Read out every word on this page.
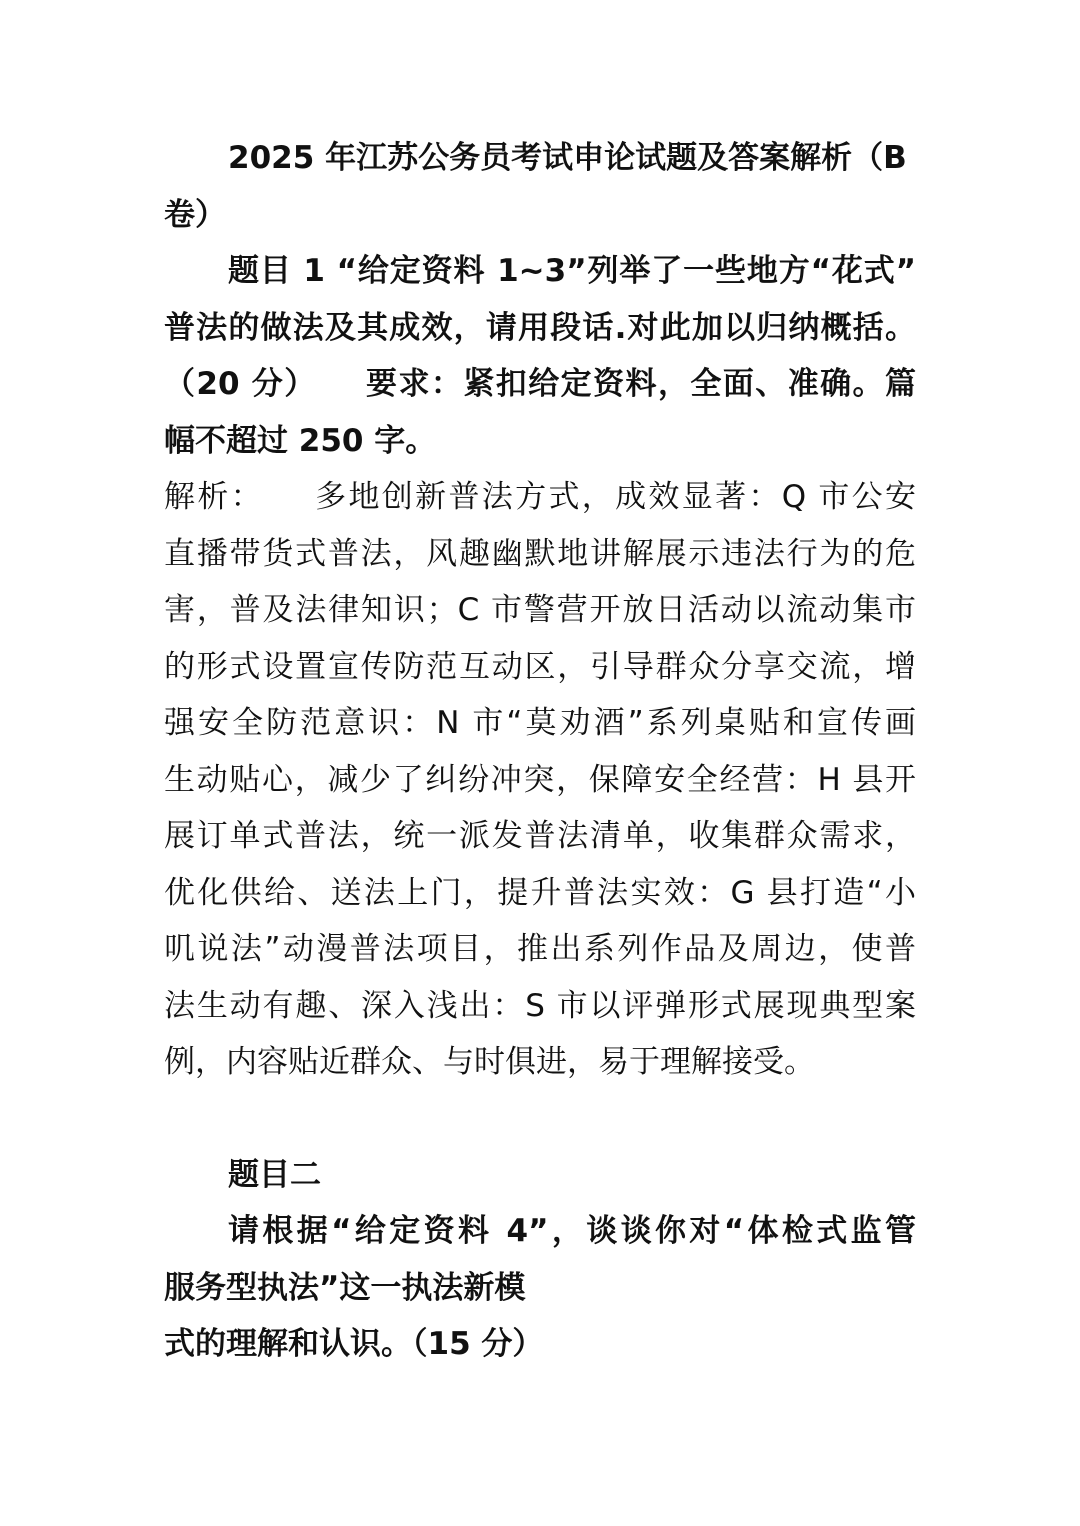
2025 年江苏公务员考试申论试题及答案解析（B

卷）

题目 1 “给定资料 1~3”列举了一些地方“花式”

普法的做法及其成效，请用段话.对此加以归纳概括。

（20 分）　　要求：紧扣给定资料，全面、准确。篇

幅不超过 250 字。

解析：　　多地创新普法方式，成效显著：Q 市公安

直播带货式普法，风趣幽默地讲解展示违法行为的危

害，普及法律知识；C 市警营开放日活动以流动集市

的形式设置宣传防范互动区，引导群众分享交流，增

强安全防范意识：N 市“莫劝酒”系列桌贴和宣传画

生动贴心，减少了纠纷冲突，保障安全经营：H 县开

展订单式普法，统一派发普法清单，收集群众需求，

优化供给、送法上门，提升普法实效：G 县打造“小

叽说法”动漫普法项目，推出系列作品及周边，使普

法生动有趣、深入浅出：S 市以评弹形式展现典型案

例，内容贴近群众、与时俱进，易于理解接受。

题目二

请根据“给定资料 4”，谈谈你对“体检式监管

服务型执法”这一执法新模

式的理解和认识。（15 分）
